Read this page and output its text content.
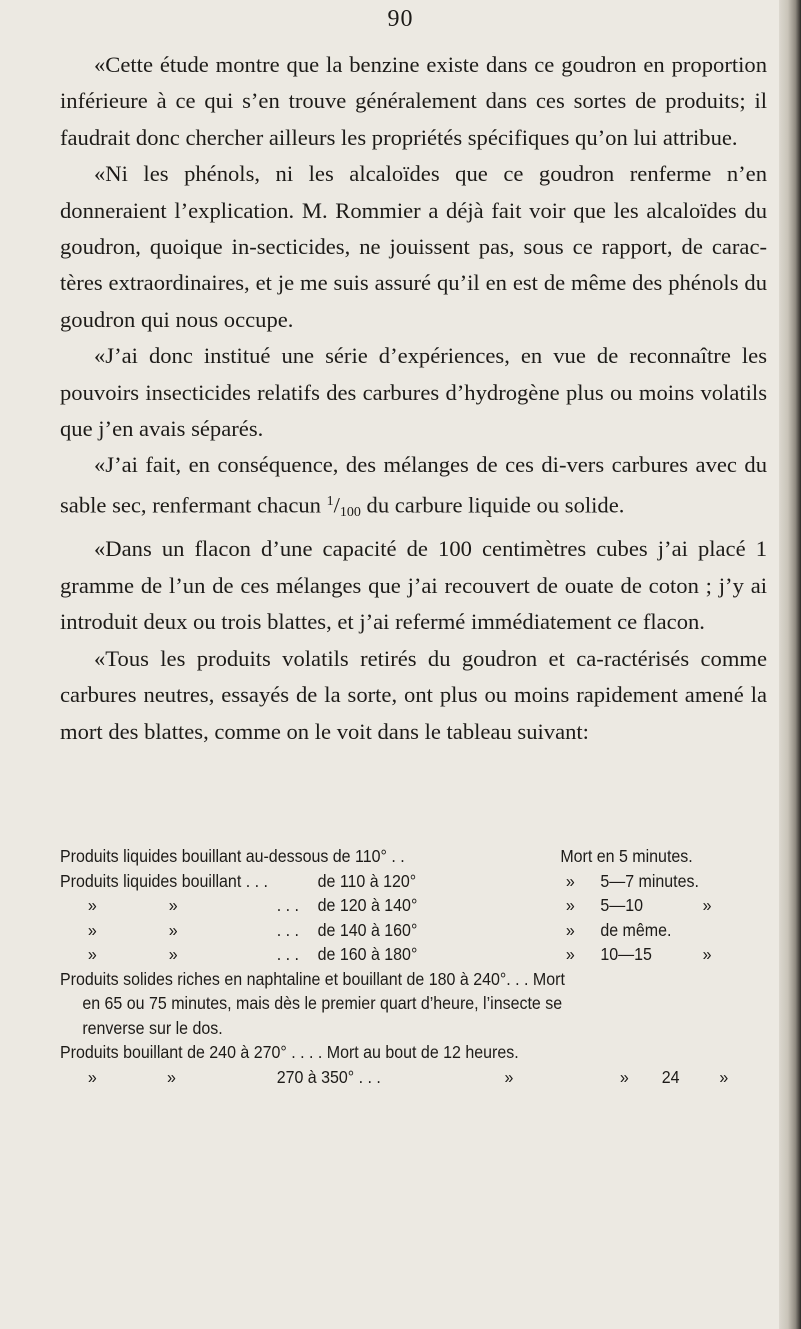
90

«Cette étude montre que la benzine existe dans ce goudron en proportion inférieure à ce qui s’en trouve généralement dans ces sortes de produits; il faudrait donc chercher ailleurs les propriétés spécifiques qu’on lui attribue.

«Ni les phénols, ni les alcaloïdes que ce goudron renferme n’en donneraient l’explication. M. Rommier a déjà fait voir que les alcaloïdes du goudron, quoique in-secticides, ne jouissent pas, sous ce rapport, de carac-tères extraordinaires, et je me suis assuré qu’il en est de même des phénols du goudron qui nous occupe.

«J’ai donc institué une série d’expériences, en vue de reconnaître les pouvoirs insecticides relatifs des carbures d’hydrogène plus ou moins volatils que j’en avais séparés.

«J’ai fait, en conséquence, des mélanges de ces di-vers carbures avec du sable sec, renfermant chacun $^1$/100 du carbure liquide ou solide.

«Dans un flacon d’une capacité de 100 centimètres cubes j’ai placé 1 gramme de l’un de ces mélanges que j’ai recouvert de ouate de coton ; j’y ai introduit deux ou trois blattes, et j’ai refermé immédiatement ce flacon.

«Tous les produits volatils retirés du goudron et ca-ractérisés comme carbures neutres, essayés de la sorte, ont plus ou moins rapidement amené la mort des blattes, comme on le voit dans le tableau suivant:

Produits liquides bouillant au-dessous de 110° . .	Mort en 5 minutes.
Produits liquides bouillant . . .	de 110 à 120°	» 5—7 minutes.
»	»	. . . de 120 à 140°	» 5—10	»
»	»	. . . de 140 à 160°	» de même.
»	»	. . . de 160 à 180°	» 10—15	»
Produits solides riches en naphtaline et bouillant de 180 à 240°. . . Mort
en 65 ou 75 minutes, mais dès le premier quart d’heure, l’insecte se
renverse sur le dos.
Produits bouillant de 240 à 270° . . . . Mort au bout de 12 heures.
»	»	270 à 350° . . .	»	» 24 »
